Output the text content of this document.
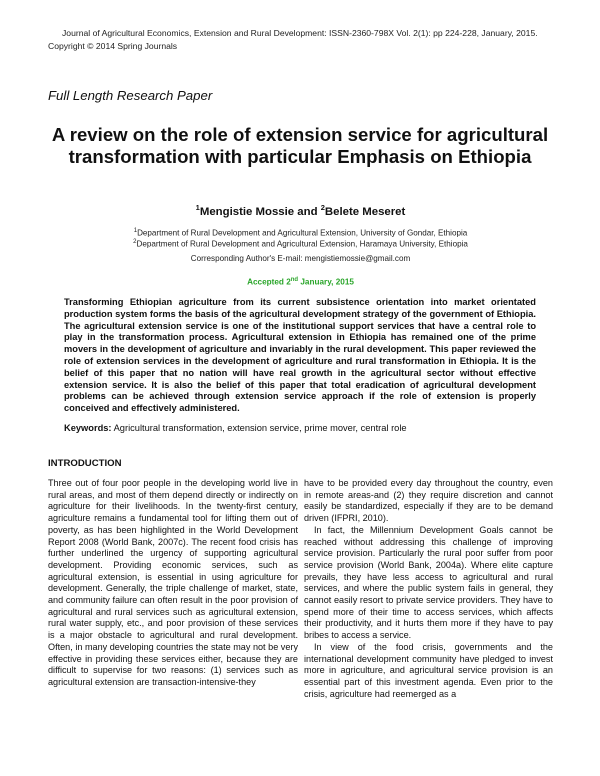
Journal of Agricultural Economics, Extension and Rural Development: ISSN-2360-798X Vol. 2(1): pp 224-228, January, 2015.
Copyright © 2014 Spring Journals
Full Length Research Paper
A review on the role of extension service for agricultural transformation with particular Emphasis on Ethiopia
$^1$Mengistie Mossie and $^2$Belete Meseret
$^1$Department of Rural Development and Agricultural Extension, University of Gondar, Ethiopia
$^2$Department of Rural Development and Agricultural Extension, Haramaya University, Ethiopia
Corresponding Author's E-mail: mengistiemossie@gmail.com
Accepted 2nd January, 2015
Transforming Ethiopian agriculture from its current subsistence orientation into market orientated production system forms the basis of the agricultural development strategy of the government of Ethiopia. The agricultural extension service is one of the institutional support services that have a central role to play in the transformation process. Agricultural extension in Ethiopia has remained one of the prime movers in the development of agriculture and invariably in the rural development. This paper reviewed the role of extension services in the development of agriculture and rural transformation in Ethiopia. It is the belief of this paper that no nation will have real growth in the agricultural sector without effective extension service. It is also the belief of this paper that total eradication of agricultural development problems can be achieved through extension service approach if the role of extension is properly conceived and effectively administered.
Keywords: Agricultural transformation, extension service, prime mover, central role
INTRODUCTION

Three out of four poor people in the developing world live in rural areas, and most of them depend directly or indirectly on agriculture for their livelihoods. In the twenty-first century, agriculture remains a fundamental tool for lifting them out of poverty, as has been highlighted in the World Development Report 2008 (World Bank, 2007c). The recent food crisis has further underlined the urgency of supporting agricultural development. Providing economic services, such as agricultural extension, is essential in using agriculture for development. Generally, the triple challenge of market, state, and community failure can often result in the poor provision of agricultural and rural services such as agricultural extension, rural water supply, etc., and poor provision of these services is a major obstacle to agricultural and rural development. Often, in many developing countries the state may not be very effective in providing these services either, because they are difficult to supervise for two reasons: (1) services such as agricultural extension are transaction-intensive-they

have to be provided every day throughout the country, even in remote areas-and (2) they require discretion and cannot easily be standardized, especially if they are to be demand driven (IFPRI, 2010).

In fact, the Millennium Development Goals cannot be reached without addressing this challenge of improving service provision. Particularly the rural poor suffer from poor service provision (World Bank, 2004a). Where elite capture prevails, they have less access to agricultural and rural services, and where the public system fails in general, they cannot easily resort to private service providers. They have to spend more of their time to access services, which affects their productivity, and it hurts them more if they have to pay bribes to access a service.

In view of the food crisis, governments and the international development community have pledged to invest more in agriculture, and agricultural service provision is an essential part of this investment agenda. Even prior to the crisis, agriculture had reemerged as a
